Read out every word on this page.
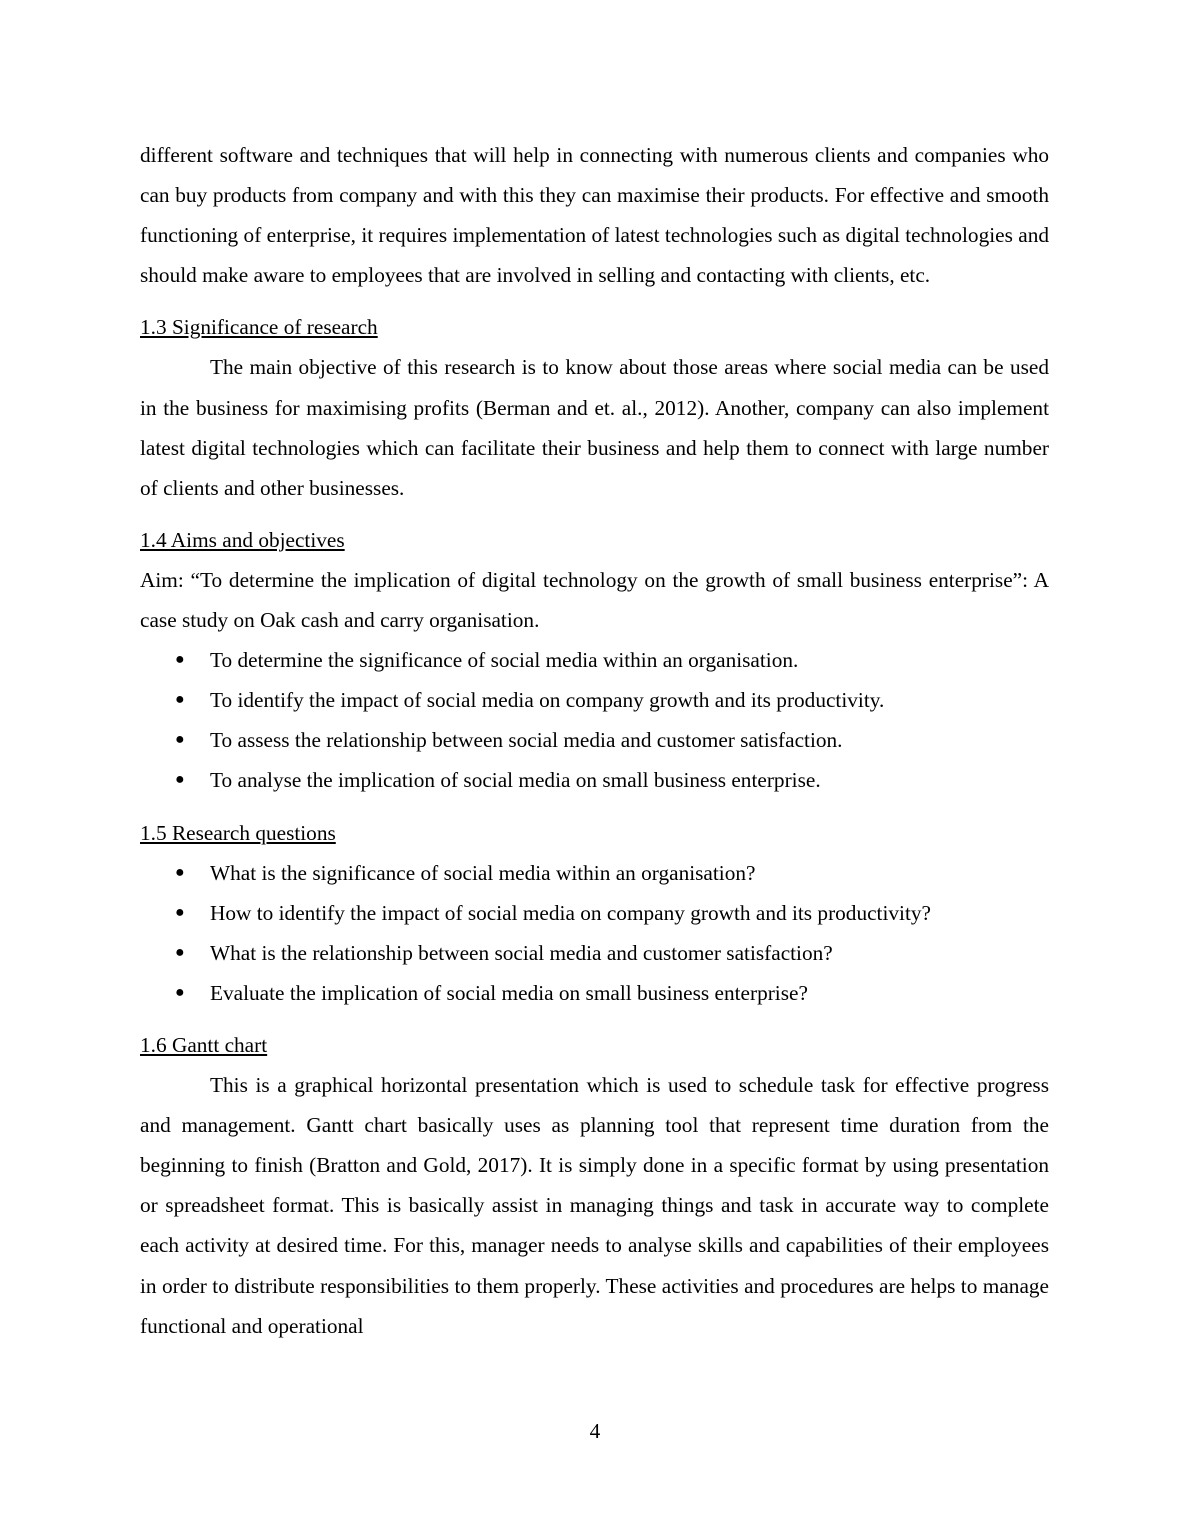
different software and techniques that will help in connecting with numerous clients and companies who can buy products from company and with this they can maximise their products. For effective and smooth functioning of enterprise, it requires implementation of latest technologies such as digital technologies and should make aware to employees that are involved in selling and contacting with clients, etc.

1.3 Significance of research

The main objective of this research is to know about those areas where social media can be used in the business for maximising profits (Berman and et. al., 2012). Another, company can also implement latest digital technologies which can facilitate their business and help them to connect with large number of clients and other businesses.

1.4 Aims and objectives

Aim: “To determine the implication of digital technology on the growth of small business enterprise”: A case study on Oak cash and carry organisation.

● To determine the significance of social media within an organisation.
● To identify the impact of social media on company growth and its productivity.
● To assess the relationship between social media and customer satisfaction.
● To analyse the implication of social media on small business enterprise.

1.5 Research questions

● What is the significance of social media within an organisation?
● How to identify the impact of social media on company growth and its productivity?
● What is the relationship between social media and customer satisfaction?
● Evaluate the implication of social media on small business enterprise?

1.6 Gantt chart

This is a graphical horizontal presentation which is used to schedule task for effective progress and management. Gantt chart basically uses as planning tool that represent time duration from the beginning to finish (Bratton and Gold, 2017). It is simply done in a specific format by using presentation or spreadsheet format. This is basically assist in managing things and task in accurate way to complete each activity at desired time. For this, manager needs to analyse skills and capabilities of their employees in order to distribute responsibilities to them properly. These activities and procedures are helps to manage functional and operational

4
